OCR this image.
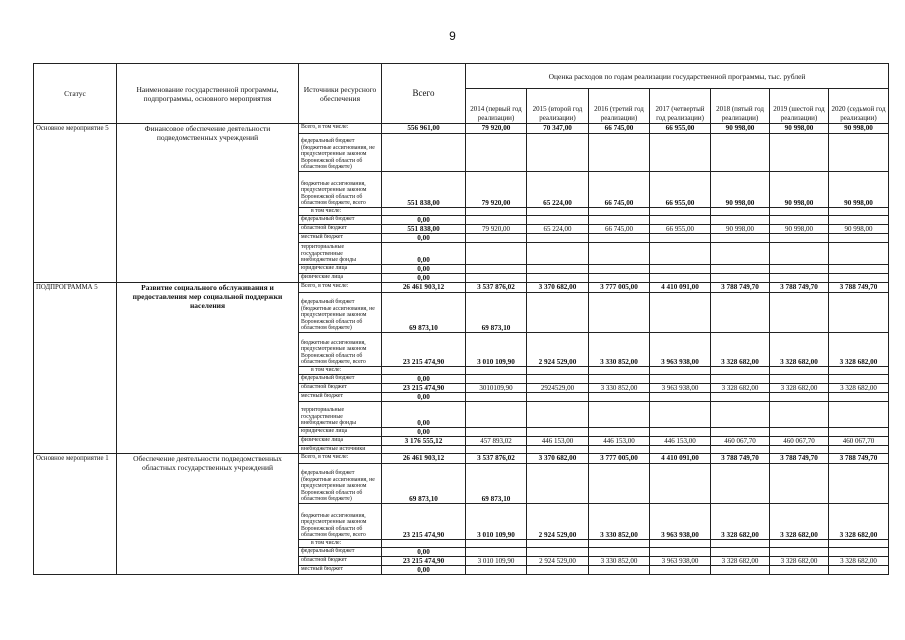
9
Статус	Наименование государственной программы, подпрограммы, основного мероприятия	Источники ресурсного обеспечения	Всего	Оценка расходов по годам реализации государственной программы, тыс. рублей						
				2014 (первый год реализации)	2015 (второй год реализации)	2016 (третий год реализации)	2017 (четвертый год реализации)	2018 (пятый год реализации)	2019 (шестой год реализации)	2020 (седьмой год реализации)
Основное мероприятие 5	Финансовое обеспечение деятельности подведомственных учреждений	Всего, в том числе:	556 961,00	79 920,00	70 347,00	66 745,00	66 955,00	90 998,00	90 998,00	90 998,00
		федеральный бюджет (бюджетные ассигнования, не предусмотренные законом Воронежской области об областном бюджете)								
		бюджетные ассигнования, предусмотренные законом Воронежской области об областном бюджете, всего	551 838,00	79 920,00	65 224,00	66 745,00	66 955,00	90 998,00	90 998,00	90 998,00
		в том числе:								
		федеральный бюджет	0,00							
		областной бюджет	551 838,00	79 920,00	65 224,00	66 745,00	66 955,00	90 998,00	90 998,00	90 998,00
		местный бюджет	0,00							
		территориальные государственные внебюджетные фонды	0,00							
		юридические лица	0,00							
		физические лица	0,00							
ПОДПРОГРАММА 5	Развитие социального обслуживания и предоставления мер социальной поддержки населения	Всего, в том числе:	26 461 903,12	3 537 876,02	3 370 682,00	3 777 005,00	4 410 091,00	3 788 749,70	3 788 749,70	3 788 749,70
		федеральный бюджет (бюджетные ассигнования, не предусмотренные законом Воронежской области об областном бюджете)	69 873,10	69 873,10						
		бюджетные ассигнования, предусмотренные законом Воронежской области об областном бюджете, всего	23 215 474,90	3 010 109,90	2 924 529,00	3 330 852,00	3 963 938,00	3 328 682,00	3 328 682,00	3 328 682,00
		в том числе:								
		федеральный бюджет	0,00							
		областной бюджет	23 215 474,90	3010109,90	2924529,00	3 330 852,00	3 963 938,00	3 328 682,00	3 328 682,00	3 328 682,00
		местный бюджет	0,00							
		территориальные государственные внебюджетные фонды	0,00							
		юридические лица	0,00							
		физические лица	3 176 555,12	457 893,02	446 153,00	446 153,00	446 153,00	460 067,70	460 067,70	460 067,70
		внебюджетные источники								
Основное мероприятие 1	Обеспечение деятельности подведомственных областных государственных учреждений	Всего, в том числе:	26 461 903,12	3 537 876,02	3 370 682,00	3 777 005,00	4 410 091,00	3 788 749,70	3 788 749,70	3 788 749,70
		федеральный бюджет (бюджетные ассигнования, не предусмотренные законом Воронежской области об областном бюджете)	69 873,10	69 873,10						
		бюджетные ассигнования, предусмотренные законом Воронежской области об областном бюджете, всего	23 215 474,90	3 010 109,90	2 924 529,00	3 330 852,00	3 963 938,00	3 328 682,00	3 328 682,00	3 328 682,00
		в том числе:								
		федеральный бюджет	0,00							
		областной бюджет	23 215 474,90	3 010 109,90	2 924 529,00	3 330 852,00	3 963 938,00	3 328 682,00	3 328 682,00	3 328 682,00
		местный бюджет	0,00							
